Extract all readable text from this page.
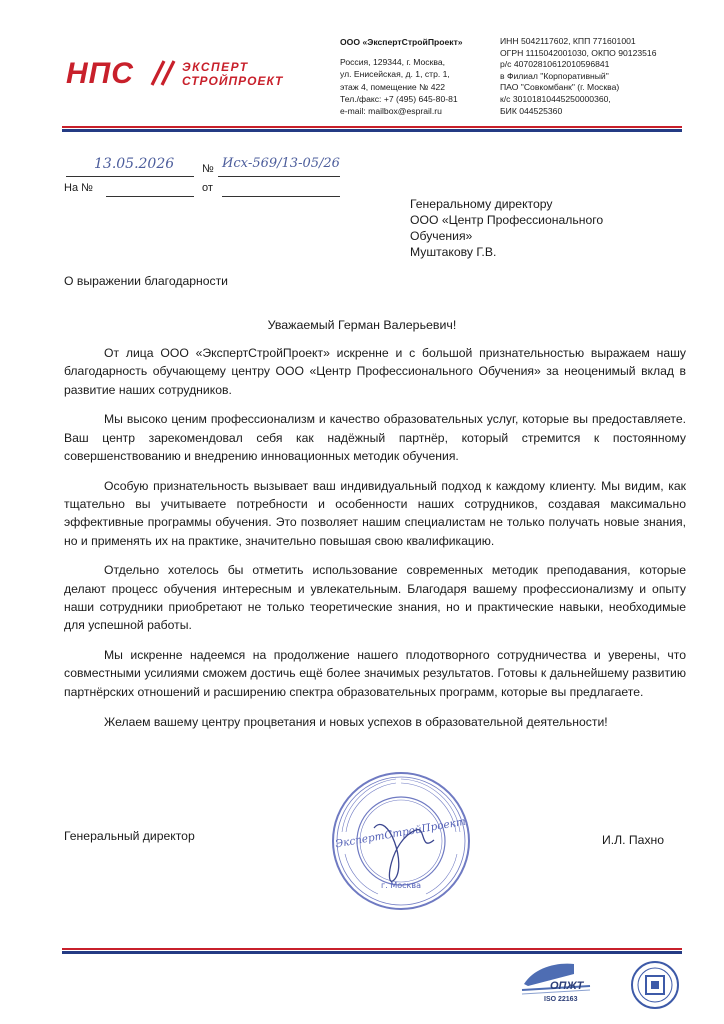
НПС	ЭКСПЕРТ
СТРОЙПРОЕКТ
ООО «ЭкспертСтройПроект»
Россия, 129344, г. Москва,
ул. Енисейская, д. 1, стр. 1,
этаж 4, помещение № 422
Тел./факс: +7 (495) 645-80-81
e-mail: mailbox@esprail.ru
ИНН 5042117602, КПП 771601001
ОГРН 1115042001030, ОКПО 90123516
р/с 40702810612010596841
в Филиал "Корпоративный"
ПАО "Совкомбанк" (г. Москва)
к/с 30101810445250000360,
БИК 044525360
13.05.2026	№ Исх-569/13-05/26
На №	от
Генеральному директору
ООО «Центр Профессионального
Обучения»
Муштакову Г.В.
О выражении благодарности
Уважаемый Герман Валерьевич!

От лица ООО «ЭкспертСтройПроект» искренне и с большой признательностью выражаем нашу благодарность обучающему центру ООО «Центр Профессионального Обучения» за неоценимый вклад в развитие наших сотрудников.

Мы высоко ценим профессионализм и качество образовательных услуг, которые вы предоставляете. Ваш центр зарекомендовал себя как надёжный партнёр, который стремится к постоянному совершенствованию и внедрению инновационных методик обучения.

Особую признательность вызывает ваш индивидуальный подход к каждому клиенту. Мы видим, как тщательно вы учитываете потребности и особенности наших сотрудников, создавая максимально эффективные программы обучения. Это позволяет нашим специалистам не только получать новые знания, но и применять их на практике, значительно повышая свою квалификацию.

Отдельно хотелось бы отметить использование современных методик преподавания, которые делают процесс обучения интересным и увлекательным. Благодаря вашему профессионализму и опыту наши сотрудники приобретают не только теоретические знания, но и практические навыки, необходимые для успешной работы.

Мы искренне надеемся на продолжение нашего плодотворного сотрудничества и уверены, что совместными усилиями сможем достичь ещё более значимых результатов. Готовы к дальнейшему развитию партнёрских отношений и расширению спектра образовательных программ, которые вы предлагаете.

Желаем вашему центру процветания и новых успехов в образовательной деятельности!

ЭкспертСтройПроект
г. Москва
Генеральный директор	И.Л. Пахно
ОПЖТ
ISO 22163
